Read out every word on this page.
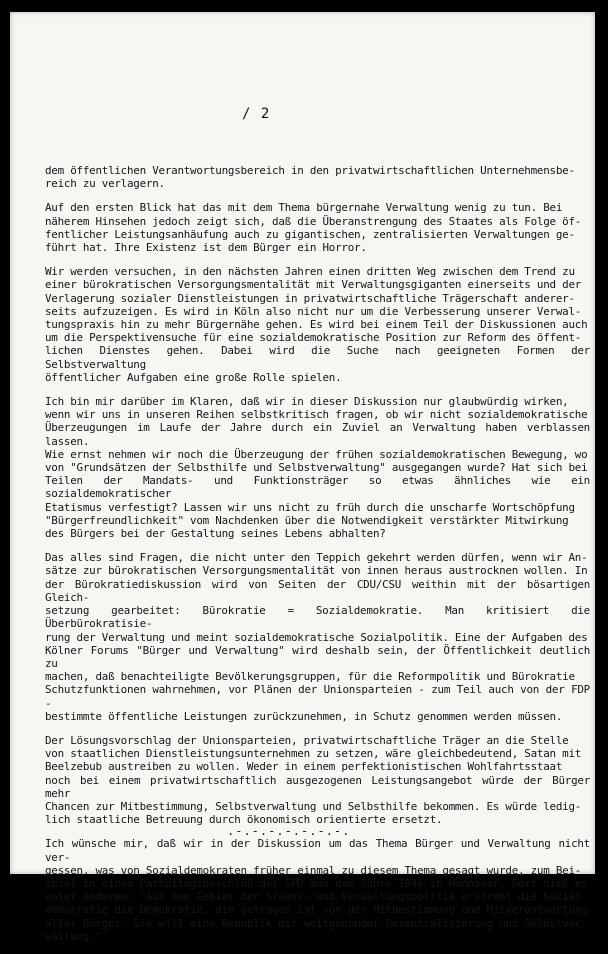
/ 2

dem öffentlichen Verantwortungsbereich in den privatwirtschaftlichen Unternehmensbe-
reich zu verlagern.

Auf den ersten Blick hat das mit dem Thema bürgernahe Verwaltung wenig zu tun. Bei
näherem Hinsehen jedoch zeigt sich, daß die Überanstrengung des Staates als Folge öf-
fentlicher Leistungsanhäufung auch zu gigantischen, zentralisierten Verwaltungen ge-
führt hat. Ihre Existenz ist dem Bürger ein Horror.

Wir werden versuchen, in den nächsten Jahren einen dritten Weg zwischen dem Trend zu
einer bürokratischen Versorgungsmentalität mit Verwaltungsgiganten einerseits und der
Verlagerung sozialer Dienstleistungen in privatwirtschaftliche Trägerschaft anderer-
seits aufzuzeigen. Es wird in Köln also nicht nur um die Verbesserung unserer Verwal-
tungspraxis hin zu mehr Bürgernähe gehen. Es wird bei einem Teil der Diskussionen auch
um die Perspektivensuche für eine sozialdemokratische Position zur Reform des öffent-
lichen Dienstes gehen. Dabei wird die Suche nach geeigneten Formen der Selbstverwaltung
öffentlicher Aufgaben eine große Rolle spielen.

Ich bin mir darüber im Klaren, daß wir in dieser Diskussion nur glaubwürdig wirken,
wenn wir uns in unseren Reihen selbstkritisch fragen, ob wir nicht sozialdemokratische
Überzeugungen im Laufe der Jahre durch ein Zuviel an Verwaltung haben verblassen lassen.
Wie ernst nehmen wir noch die Überzeugung der frühen sozialdemokratischen Bewegung, wo
von "Grundsätzen der Selbsthilfe und Selbstverwaltung" ausgegangen wurde? Hat sich bei
Teilen der Mandats- und Funktionsträger so etwas ähnliches wie ein sozialdemokratischer
Etatismus verfestigt? Lassen wir uns nicht zu früh durch die unscharfe Wortschöpfung
"Bürgerfreundlichkeit" vom Nachdenken über die Notwendigkeit verstärkter Mitwirkung
des Bürgers bei der Gestaltung seines Lebens abhalten?

Das alles sind Fragen, die nicht unter den Teppich gekehrt werden dürfen, wenn wir An-
sätze zur bürokratischen Versorgungsmentalität von innen heraus austrocknen wollen. In
der Bürokratiediskussion wird von Seiten der CDU/CSU weithin mit der bösartigen Gleich-
setzung gearbeitet: Bürokratie = Sozialdemokratie. Man kritisiert die Überbürokratisie-
rung der Verwaltung und meint sozialdemokratische Sozialpolitik. Eine der Aufgaben des
Kölner Forums "Bürger und Verwaltung" wird deshalb sein, der Öffentlichkeit deutlich zu
machen, daß benachteiligte Bevölkerungsgruppen, für die Reformpolitik und Bürokratie
Schutzfunktionen wahrnehmen, vor Plänen der Unionsparteien - zum Teil auch von der FDP -
bestimmte öffentliche Leistungen zurückzunehmen, in Schutz genommen werden müssen.

Der Lösungsvorschlag der Unionsparteien, privatwirtschaftliche Träger an die Stelle
von staatlichen Dienstleistungsunternehmen zu setzen, wäre gleichbedeutend, Satan mit
Beelzebub austreiben zu wollen. Weder in einem perfektionistischen Wohlfahrtsstaat
noch bei einem privatwirtschaftlich ausgezogenen Leistungsangebot würde der Bürger mehr
Chancen zur Mitbestimmung, Selbstverwaltung und Selbsthilfe bekommen. Es würde ledig-
lich staatliche Betreuung durch ökonomisch orientierte ersetzt.

Ich wünsche mir, daß wir in der Diskussion um das Thema Bürger und Verwaltung nicht ver-
gessen, was von Sozialdemokraten früher einmal zu diesem Thema gesagt wurde, zum Bei-
spiel in einem Parteitagsbeschluß der SPD aus dem Jahre 1946 in Hannover. Dort hieß es
unter anderem: "Auf dem Gebiet der Staats- und Verwaltungspolitik erstrebt die Sozial-
demokratie die Demokratie, die getragen ist von der Mitbestimmung und Mitverantwortung
aller Bürger. Sie will eine Republik mit weitgehender Dezentralisierung und Selbstver-
waltung."

.-.-.-.-.-.-.-.
